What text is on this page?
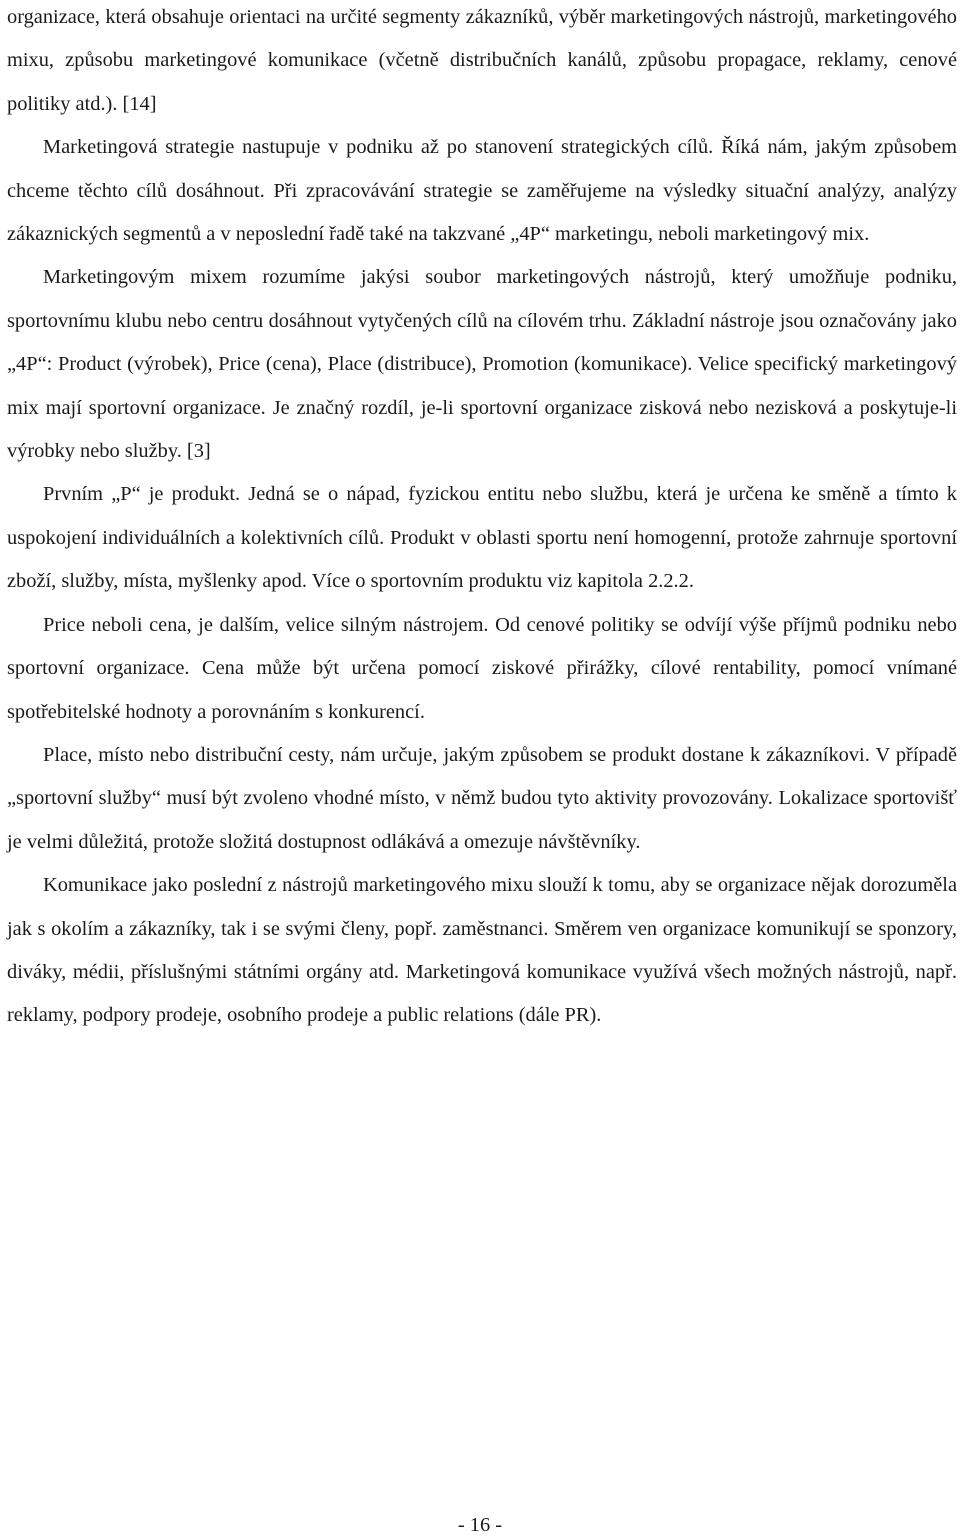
organizace, která obsahuje orientaci na určité segmenty zákazníků, výběr marketingových nástrojů, marketingového mixu, způsobu marketingové komunikace (včetně distribučních kanálů, způsobu propagace, reklamy, cenové politiky atd.). [14]

Marketingová strategie nastupuje v podniku až po stanovení strategických cílů. Říká nám, jakým způsobem chceme těchto cílů dosáhnout. Při zpracovávání strategie se zaměřujeme na výsledky situační analýzy, analýzy zákaznických segmentů a v neposlední řadě také na takzvané „4P“ marketingu, neboli marketingový mix.

Marketingovým mixem rozumíme jakýsi soubor marketingových nástrojů, který umožňuje podniku, sportovnímu klubu nebo centru dosáhnout vytyčených cílů na cílovém trhu. Základní nástroje jsou označovány jako „4P“: Product (výrobek), Price (cena), Place (distribuce), Promotion (komunikace). Velice specifický marketingový mix mají sportovní organizace. Je značný rozdíl, je-li sportovní organizace zisková nebo nezisková a poskytuje-li výrobky nebo služby. [3]

Prvním „P“ je produkt. Jedná se o nápad, fyzickou entitu nebo službu, která je určena ke směně a tímto k uspokojení individuálních a kolektivních cílů. Produkt v oblasti sportu není homogenní, protože zahrnuje sportovní zboží, služby, místa, myšlenky apod. Více o sportovním produktu viz kapitola 2.2.2.

Price neboli cena, je dalším, velice silným nástrojem. Od cenové politiky se odvíjí výše příjmů podniku nebo sportovní organizace. Cena může být určena pomocí ziskové přirážky, cílové rentability, pomocí vnímané spotřebitelské hodnoty a porovnáním s konkurencí.

Place, místo nebo distribuční cesty, nám určuje, jakým způsobem se produkt dostane k zákazníkovi. V případě „sportovní služby“ musí být zvoleno vhodné místo, v němž budou tyto aktivity provozovány. Lokalizace sportovišť je velmi důležitá, protože složitá dostupnost odlákává a omezuje návštěvníky.

Komunikace jako poslední z nástrojů marketingového mixu slouží k tomu, aby se organizace nějak dorozuměla jak s okolím a zákazníky, tak i se svými členy, popř. zaměstnanci. Směrem ven organizace komunikují se sponzory, diváky, médii, příslušnými státními orgány atd. Marketingová komunikace využívá všech možných nástrojů, např. reklamy, podpory prodeje, osobního prodeje a public relations (dále PR).

- 16 -
